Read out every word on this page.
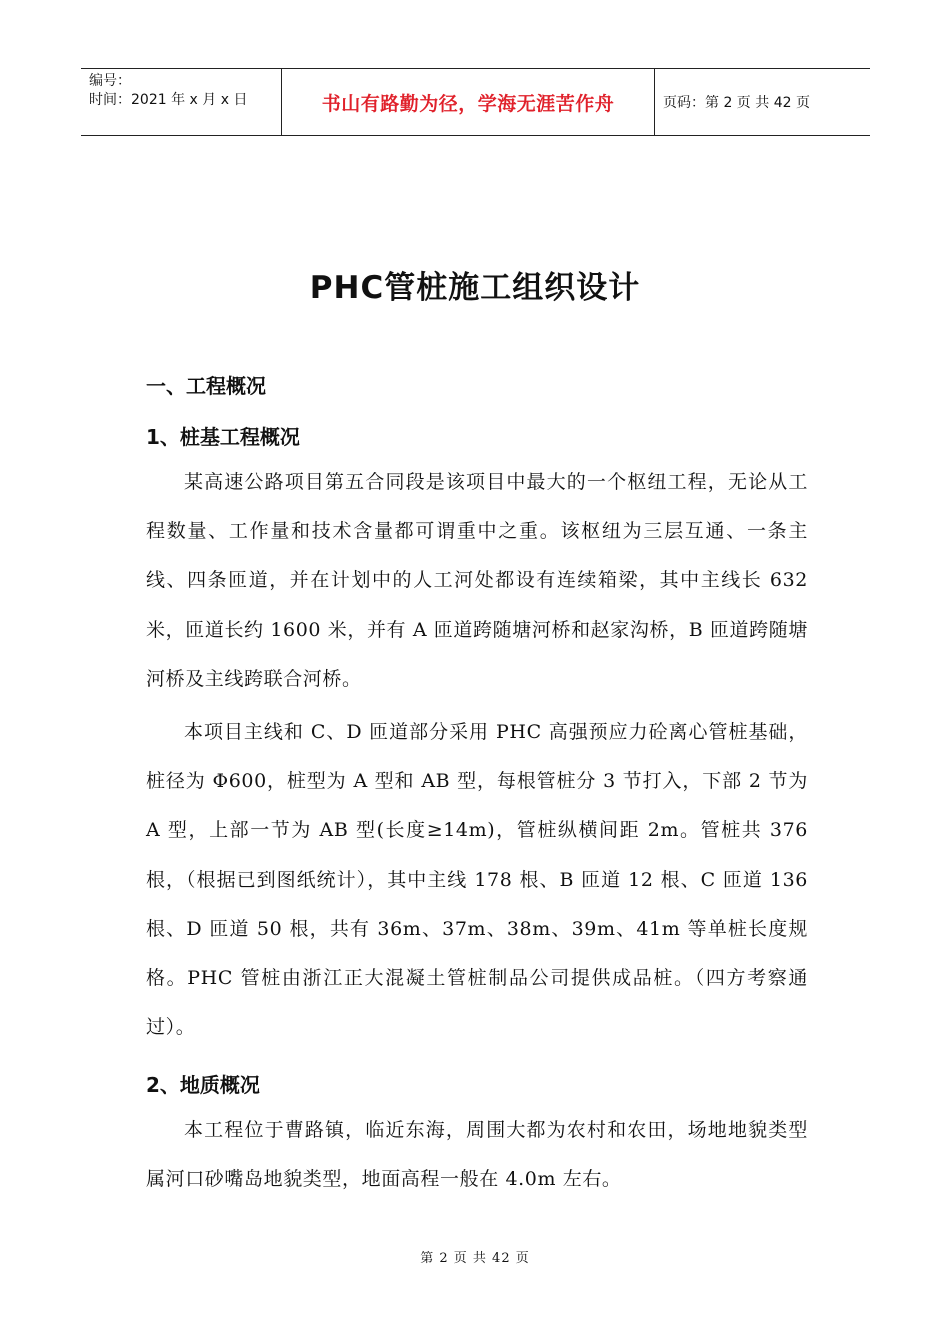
编号：
时间：2021 年 x 月 x 日	书山有路勤为径，学海无涯苦作舟	页码：第 2 页 共 42 页
PHC管桩施工组织设计
一、工程概况
1、桩基工程概况

某高速公路项目第五合同段是该项目中最大的一个枢纽工程，无论从工程数量、工作量和技术含量都可谓重中之重。该枢纽为三层互通、一条主线、四条匝道，并在计划中的人工河处都设有连续箱梁，其中主线长 632 米，匝道长约 1600 米，并有 A 匝道跨随塘河桥和赵家沟桥，B 匝道跨随塘河桥及主线跨联合河桥。

本项目主线和 C、D 匝道部分采用 PHC 高强预应力砼离心管桩基础，桩径为 Φ600，桩型为 A 型和 AB 型，每根管桩分 3 节打入，下部 2 节为 A 型，上部一节为 AB 型(长度≥14m)，管桩纵横间距 2m。管桩共 376 根，（根据已到图纸统计），其中主线 178 根、B 匝道 12 根、C 匝道 136 根、D 匝道 50 根，共有 36m、37m、38m、39m、41m 等单桩长度规格。PHC 管桩由浙江正大混凝土管桩制品公司提供成品桩。（四方考察通过）。

2、地质概况

本工程位于曹路镇，临近东海，周围大都为农村和农田，场地地貌类型属河口砂嘴岛地貌类型，地面高程一般在 4.0m 左右。

第 2 页 共 42 页
